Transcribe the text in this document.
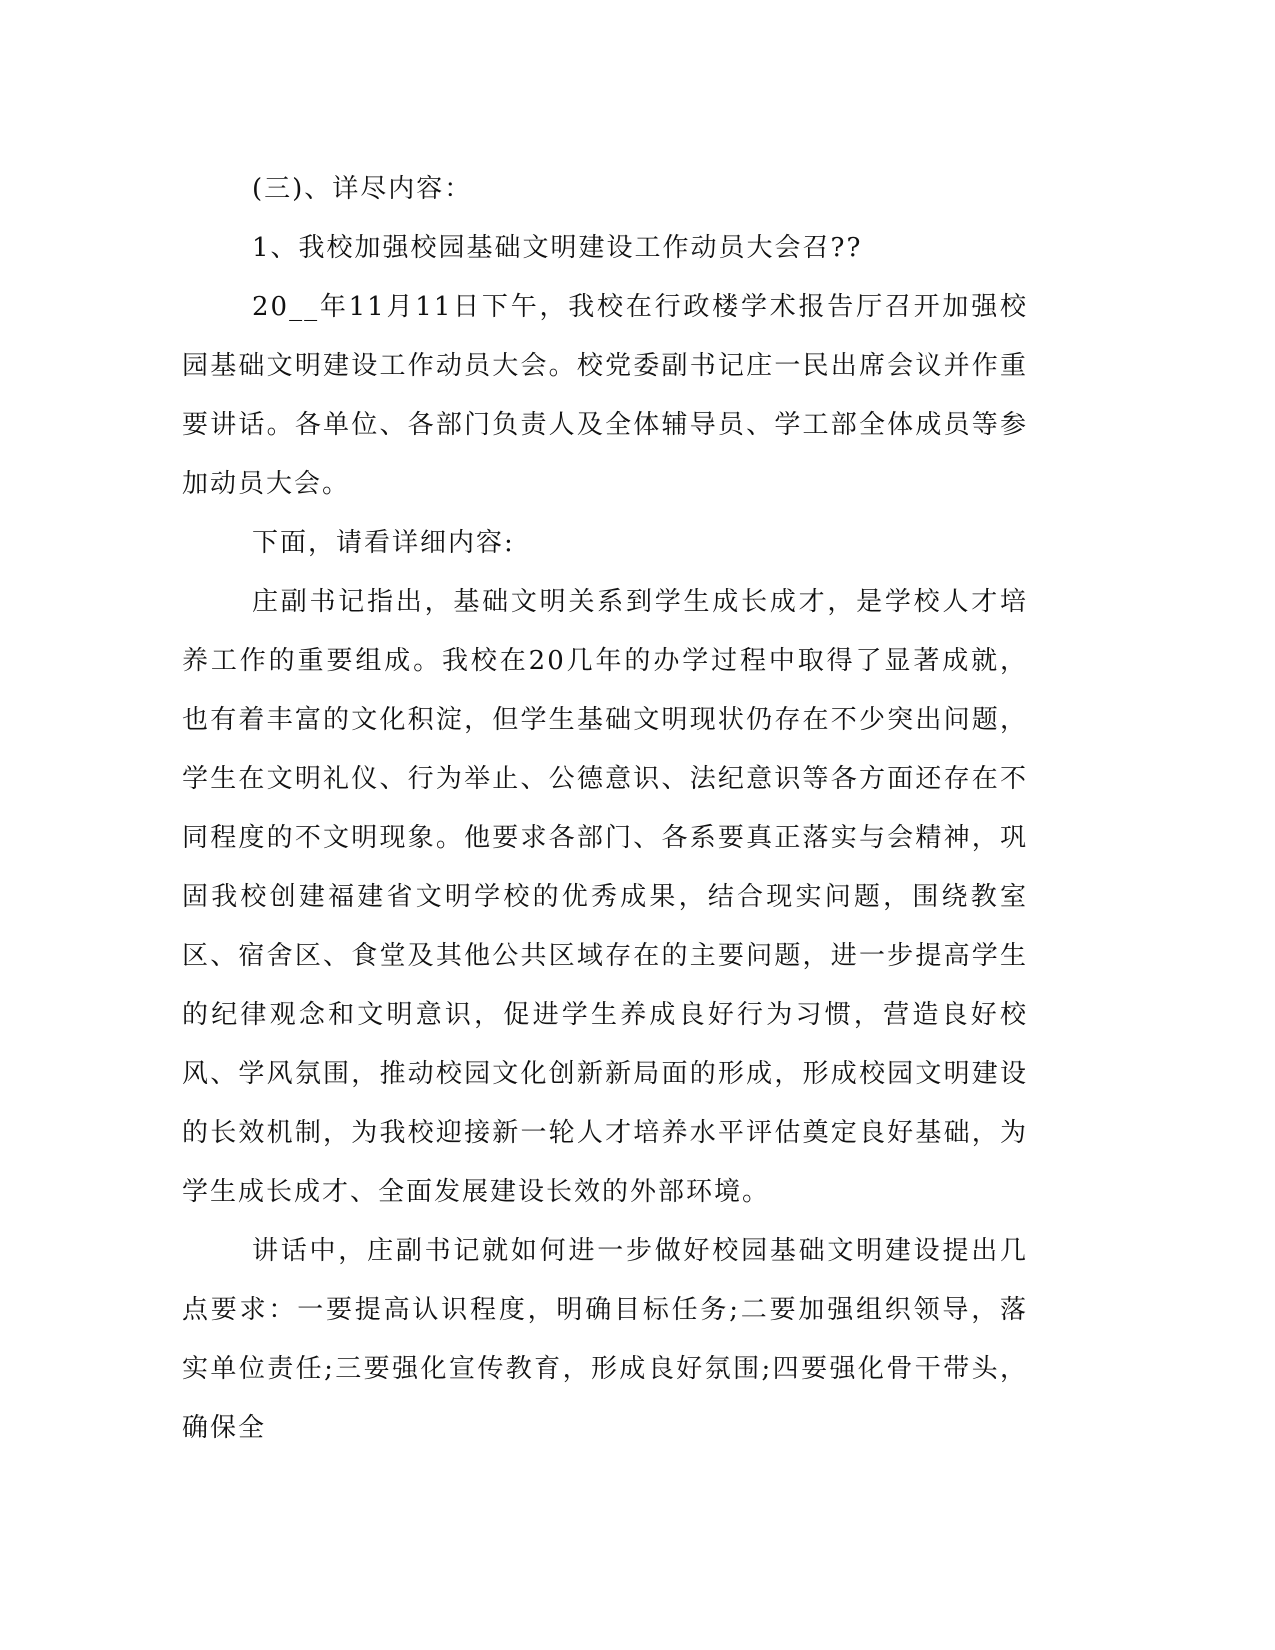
(三)、详尽内容：

1、我校加强校园基础文明建设工作动员大会召??

20__年11月11日下午，我校在行政楼学术报告厅召开加强校园基础文明建设工作动员大会。校党委副书记庄一民出席会议并作重要讲话。各单位、各部门负责人及全体辅导员、学工部全体成员等参加动员大会。

下面，请看详细内容:

庄副书记指出，基础文明关系到学生成长成才，是学校人才培养工作的重要组成。我校在20几年的办学过程中取得了显著成就，也有着丰富的文化积淀，但学生基础文明现状仍存在不少突出问题，学生在文明礼仪、行为举止、公德意识、法纪意识等各方面还存在不同程度的不文明现象。他要求各部门、各系要真正落实与会精神，巩固我校创建福建省文明学校的优秀成果，结合现实问题，围绕教室区、宿舍区、食堂及其他公共区域存在的主要问题，进一步提高学生的纪律观念和文明意识，促进学生养成良好行为习惯，营造良好校风、学风氛围，推动校园文化创新新局面的形成，形成校园文明建设的长效机制，为我校迎接新一轮人才培养水平评估奠定良好基础，为学生成长成才、全面发展建设长效的外部环境。

讲话中，庄副书记就如何进一步做好校园基础文明建设提出几点要求：一要提高认识程度，明确目标任务;二要加强组织领导，落实单位责任;三要强化宣传教育，形成良好氛围;四要强化骨干带头，确保全
